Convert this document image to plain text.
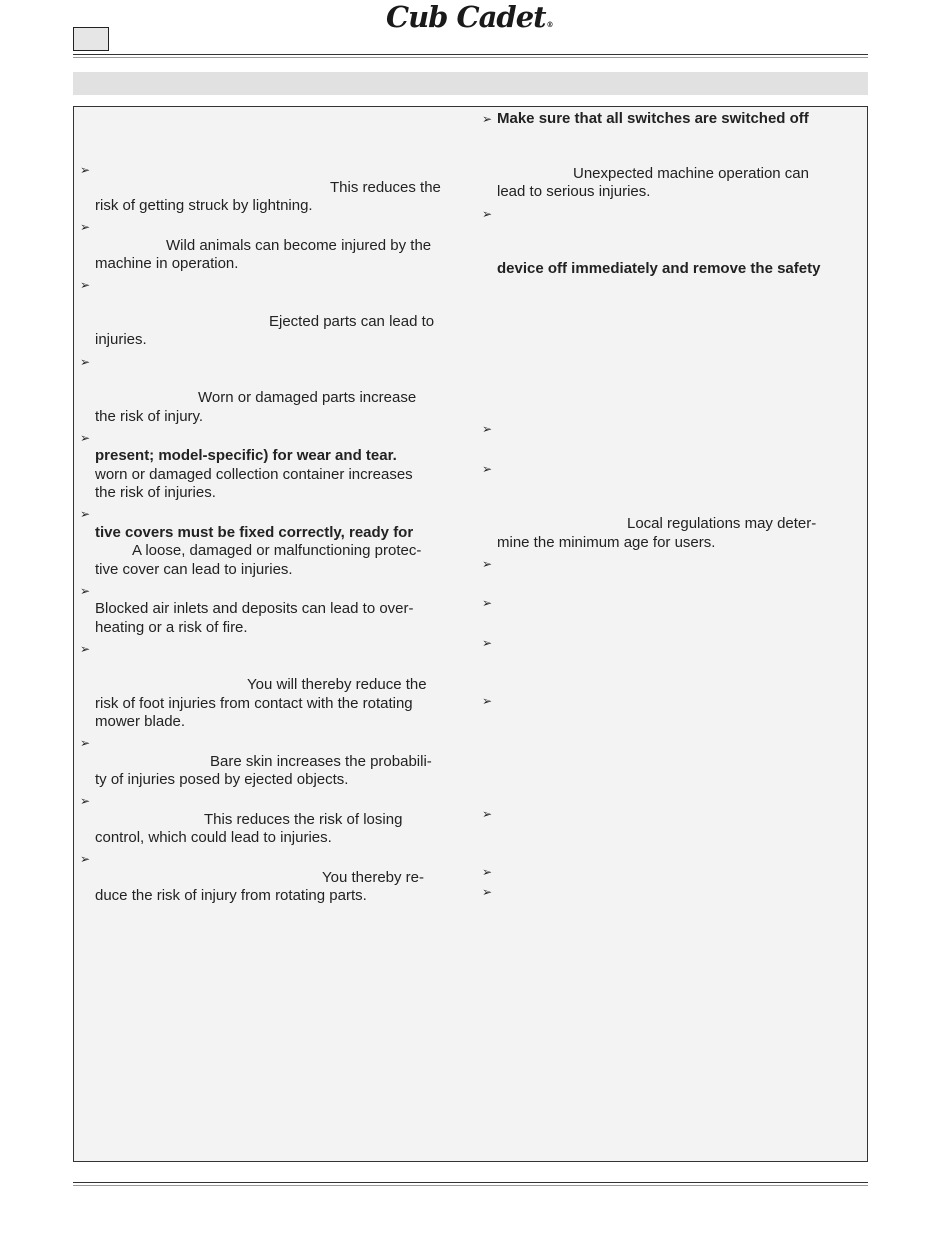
Cub Cadet®
➢
➢
➢
➢
➢
➢
➢
➢
➢
➢
➢
This reduces the
risk of getting struck by lightning.
Wild animals can become injured by the
machine in operation.
Ejected parts can lead to
injuries.
Worn or damaged parts increase
the risk of injury.
present; model-specific) for wear and tear.
worn or damaged collection container increases
the risk of injuries.
tive covers must be fixed correctly, ready for
A loose, damaged or malfunctioning protec-
tive cover can lead to injuries.
Blocked air inlets and deposits can lead to over-
heating or a risk of fire.
You will thereby reduce the
risk of foot injuries from contact with the rotating
mower blade.
Bare skin increases the probabili-
ty of injuries posed by ejected objects.
This reduces the risk of losing
control, which could lead to injuries.
You thereby re-
duce the risk of injury from rotating parts.
➢
➢
➢
➢
➢
➢
➢
➢
➢
➢
➢
Make sure that all switches are switched off
Unexpected machine operation can
lead to serious injuries.
device off immediately and remove the safety
Local regulations may deter-
mine the minimum age for users.
